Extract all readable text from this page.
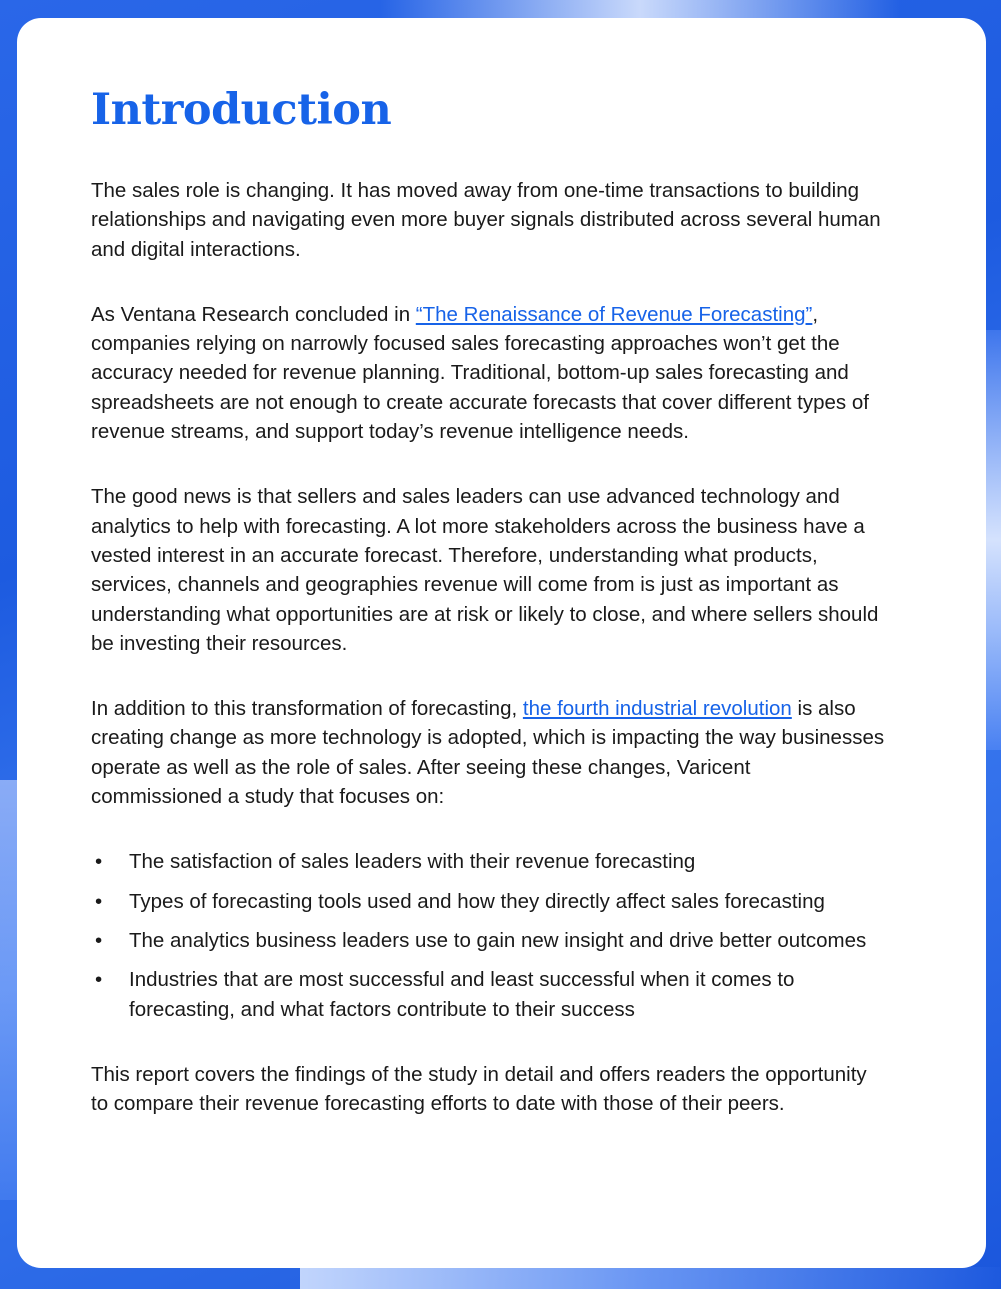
Introduction

The sales role is changing. It has moved away from one-time transactions to building relationships and navigating even more buyer signals distributed across several human and digital interactions.

As Ventana Research concluded in “The Renaissance of Revenue Forecasting”, companies relying on narrowly focused sales forecasting approaches won’t get the accuracy needed for revenue planning. Traditional, bottom-up sales forecasting and spreadsheets are not enough to create accurate forecasts that cover different types of revenue streams, and support today’s revenue intelligence needs.

The good news is that sellers and sales leaders can use advanced technology and analytics to help with forecasting. A lot more stakeholders across the business have a vested interest in an accurate forecast. Therefore, understanding what products, services, channels and geographies revenue will come from is just as important as understanding what opportunities are at risk or likely to close, and where sellers should be investing their resources.

In addition to this transformation of forecasting, the fourth industrial revolution is also creating change as more technology is adopted, which is impacting the way businesses operate as well as the role of sales. After seeing these changes, Varicent commissioned a study that focuses on:

• The satisfaction of sales leaders with their revenue forecasting
• Types of forecasting tools used and how they directly affect sales forecasting
• The analytics business leaders use to gain new insight and drive better outcomes
• Industries that are most successful and least successful when it comes to forecasting, and what factors contribute to their success

This report covers the findings of the study in detail and offers readers the opportunity to compare their revenue forecasting efforts to date with those of their peers.
